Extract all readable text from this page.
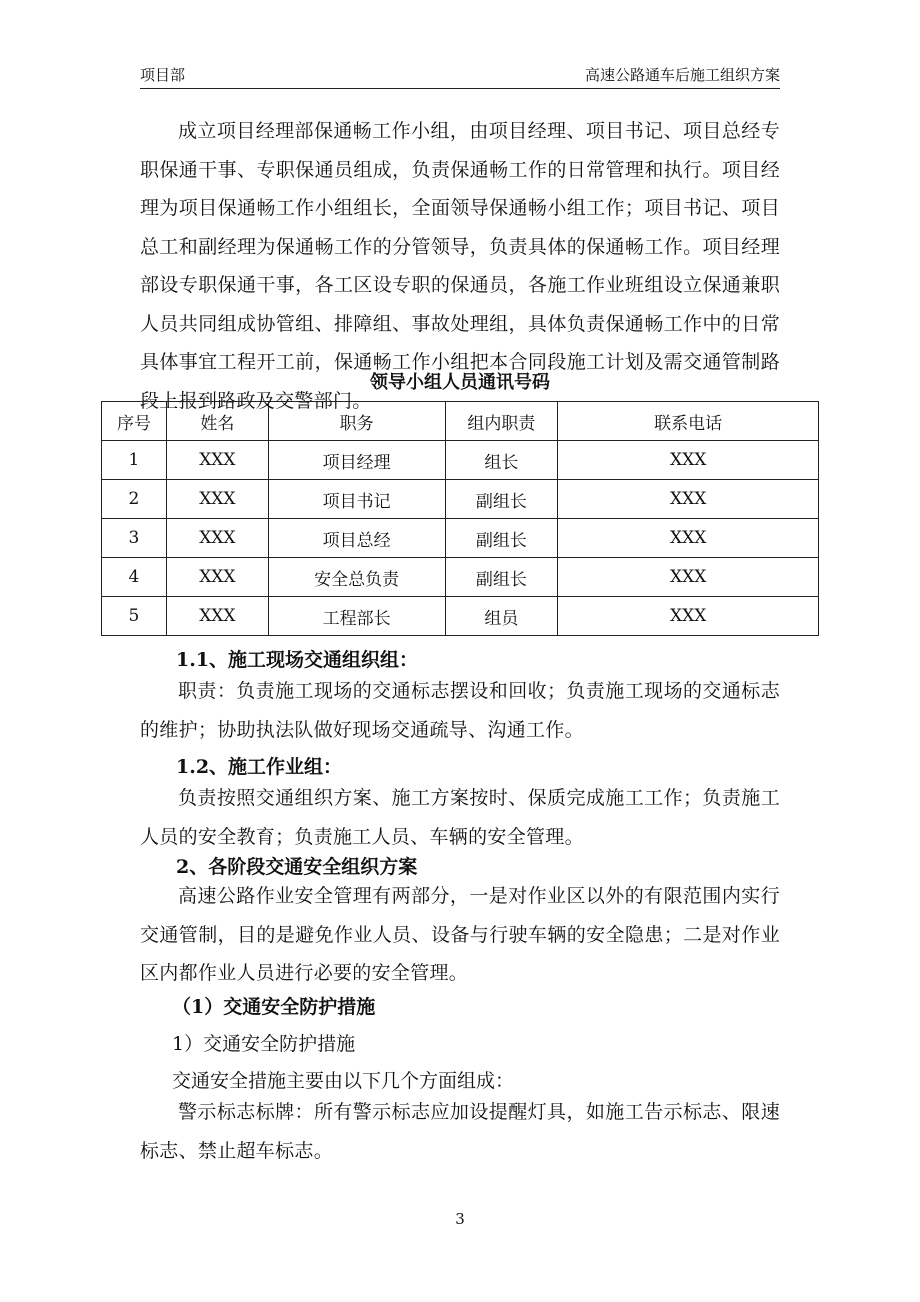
项目部	高速公路通车后施工组织方案

成立项目经理部保通畅工作小组，由项目经理、项目书记、项目总经专职保通干事、专职保通员组成，负责保通畅工作的日常管理和执行。项目经理为项目保通畅工作小组组长，全面领导保通畅小组工作；项目书记、项目总工和副经理为保通畅工作的分管领导，负责具体的保通畅工作。项目经理部设专职保通干事，各工区设专职的保通员，各施工作业班组设立保通兼职人员共同组成协管组、排障组、事故处理组，具体负责保通畅工作中的日常具体事宜工程开工前，保通畅工作小组把本合同段施工计划及需交通管制路段上报到路政及交警部门。

领导小组人员通讯号码
序号	姓名	职务	组内职责	联系电话
1	XXX	项目经理	组长	XXX
2	XXX	项目书记	副组长	XXX
3	XXX	项目总经	副组长	XXX
4	XXX	安全总负责	副组长	XXX
5	XXX	工程部长	组员	XXX
1.1、施工现场交通组织组：

职责：负责施工现场的交通标志摆设和回收；负责施工现场的交通标志的维护；协助执法队做好现场交通疏导、沟通工作。

1.2、施工作业组：

负责按照交通组织方案、施工方案按时、保质完成施工工作；负责施工人员的安全教育；负责施工人员、车辆的安全管理。

2、各阶段交通安全组织方案

高速公路作业安全管理有两部分，一是对作业区以外的有限范围内实行交通管制，目的是避免作业人员、设备与行驶车辆的安全隐患；二是对作业区内都作业人员进行必要的安全管理。

（1）交通安全防护措施
1）交通安全防护措施
交通安全措施主要由以下几个方面组成：

警示标志标牌：所有警示标志应加设提醒灯具，如施工告示标志、限速标志、禁止超车标志。

3
